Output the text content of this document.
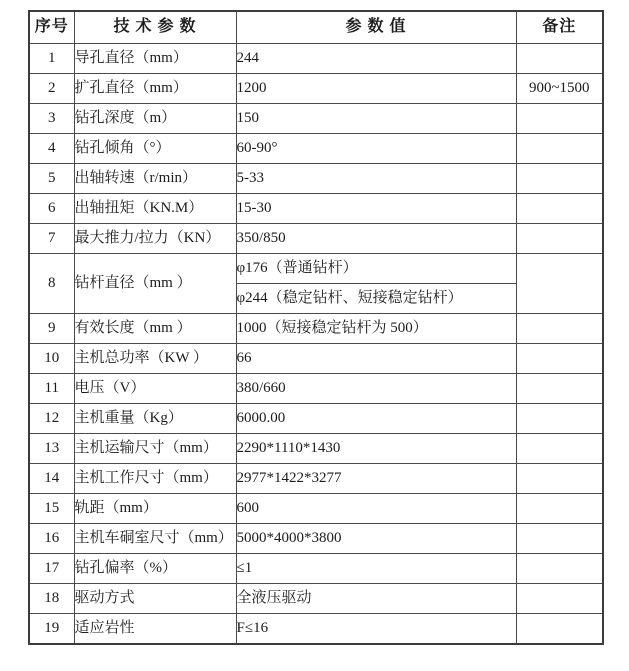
序号	技 术 参 数	参 数 值	备注
1	导孔直径（mm）	244	
2	扩孔直径（mm）	1200	900~1500
3	钻孔深度（m）	150	
4	钻孔倾角（°）	60-90°	
5	出轴转速（r/min）	5-33	
6	出轴扭矩（KN.M）	15-30	
7	最大推力/拉力（KN）	350/850	
8	钻杆直径（mm ）	φ176（普通钻杆）	
		φ244（稳定钻杆、短接稳定钻杆）	
9	有效长度（mm ）	1000（短接稳定钻杆为 500）	
10	主机总功率（KW ）	66	
11	电压（V）	380/660	
12	主机重量（Kg）	6000.00	
13	主机运输尺寸（mm）	2290*1110*1430	
14	主机工作尺寸（mm）	2977*1422*3277	
15	轨距（mm）	600	
16	主机车硐室尺寸（mm）	5000*4000*3800	
17	钻孔偏率（%）	≤1	
18	驱动方式	全液压驱动	
19	适应岩性	F≤16	
